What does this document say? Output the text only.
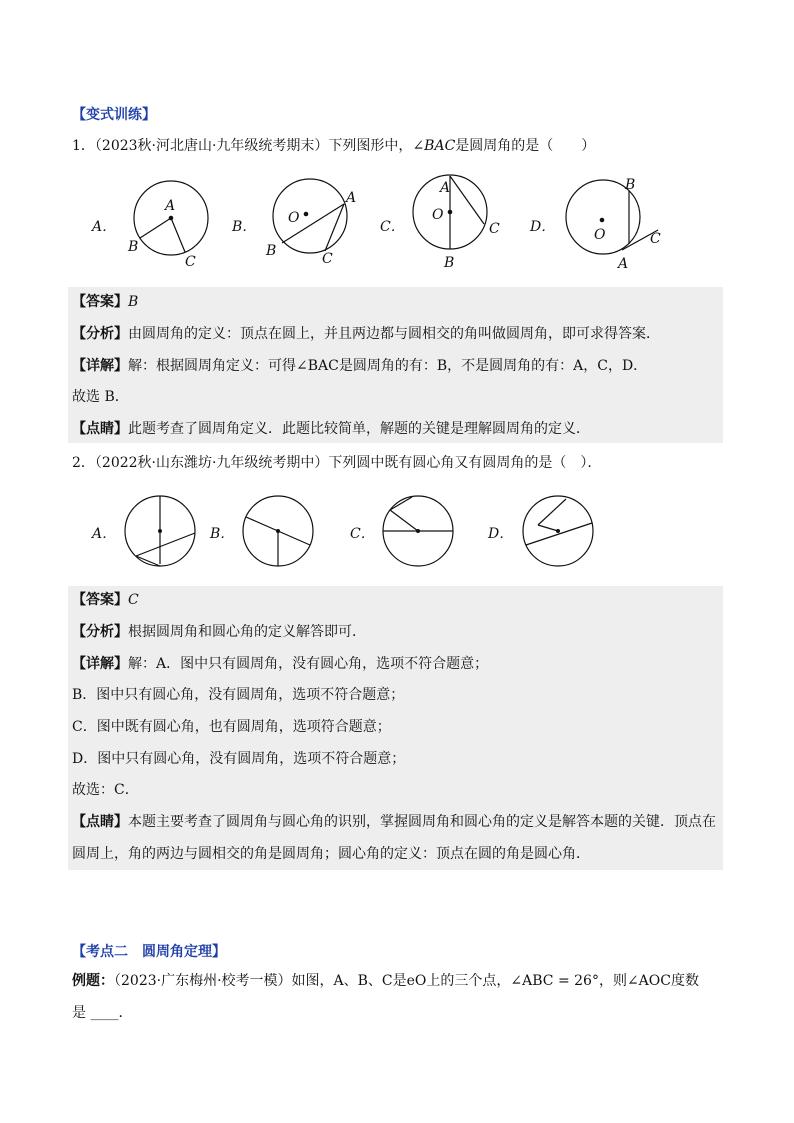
【变式训练】
1．（2023秋·河北唐山·九年级统考期末）下列图形中，∠BAC是圆周角的是（　　）
A．
A
B
C
B．
O
A
B	C
C．
A
O
C
B
D．
B
O	C
A
【答案】B
【分析】由圆周角的定义：顶点在圆上，并且两边都与圆相交的角叫做圆周角，即可求得答案．
【详解】解：根据圆周角定义：可得∠BAC是圆周角的有：B，不是圆周角的有：A，C，D．
故选 B．
【点睛】此题考查了圆周角定义．此题比较简单，解题的关键是理解圆周角的定义．
2．（2022秋·山东潍坊·九年级统考期中）下列圆中既有圆心角又有圆周角的是（　）．
A．	B．	C．	D．
【答案】C
【分析】根据圆周角和圆心角的定义解答即可．
【详解】解：A．图中只有圆周角，没有圆心角，选项不符合题意；
B．图中只有圆心角，没有圆周角，选项不符合题意；
C．图中既有圆心角，也有圆周角，选项符合题意；
D．图中只有圆心角，没有圆周角，选项不符合题意；
故选：C．
【点睛】本题主要考查了圆周角与圆心角的识别，掌握圆周角和圆心角的定义是解答本题的关键．顶点在
圆周上，角的两边与圆相交的角是圆周角；圆心角的定义：顶点在圆的角是圆心角．
【考点二　圆周角定理】
例题：（2023·广东梅州·校考一模）如图，A、B、C是eO上的三个点，∠ABC = 26°，则∠AOC度数
是 ____．
